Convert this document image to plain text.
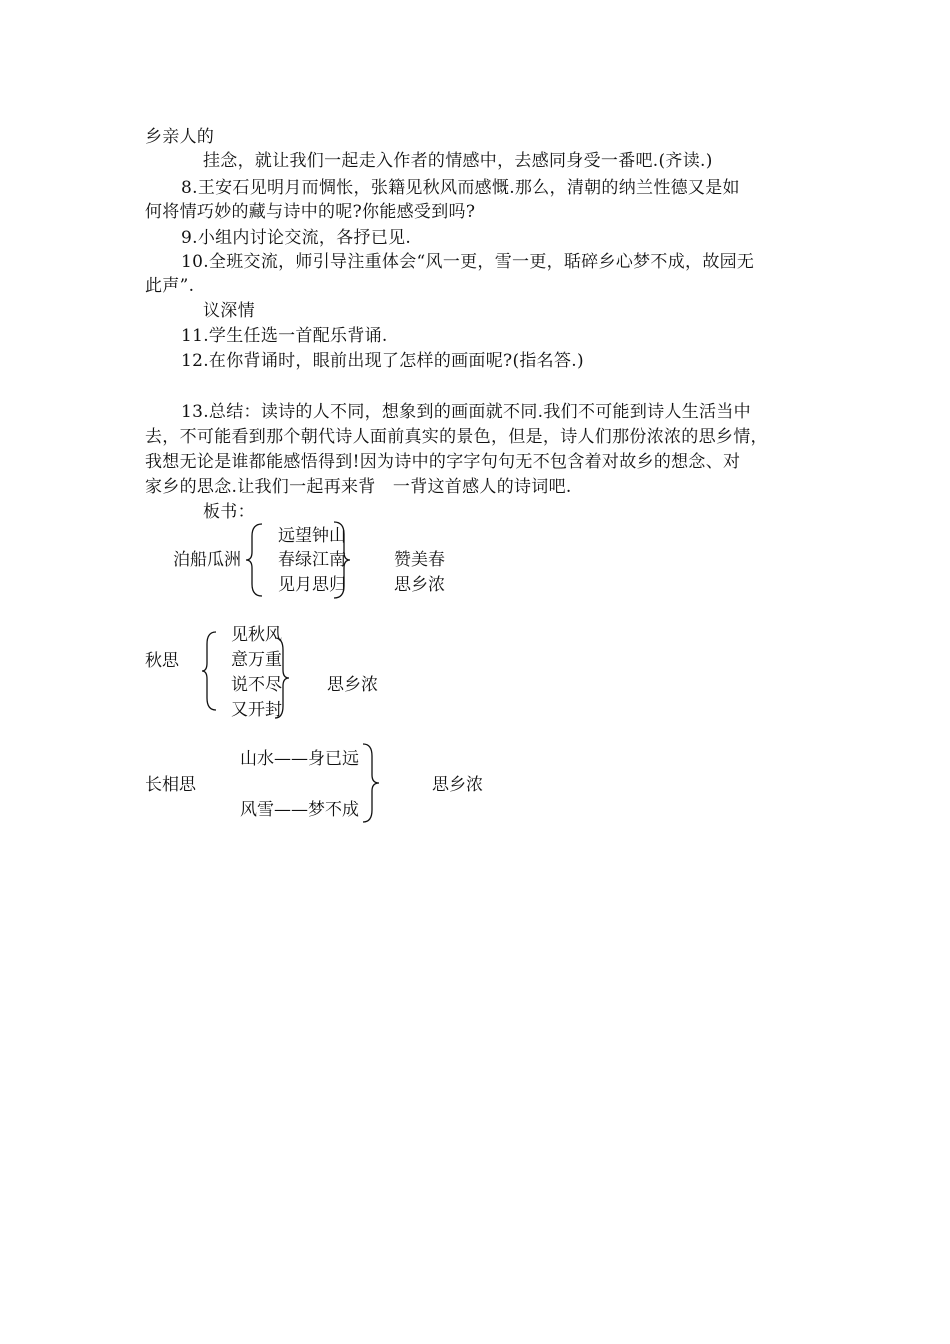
乡亲人的
挂念，就让我们一起走入作者的情感中，去感同身受一番吧.(齐读.)
8.王安石见明月而惆怅，张籍见秋风而感慨.那么，清朝的纳兰性德又是如
何将情巧妙的藏与诗中的呢?你能感受到吗?
9.小组内讨论交流，各抒已见.
10.全班交流，师引导注重体会“风一更，雪一更，聒碎乡心梦不成，故园无
此声”.
议深情
11.学生任选一首配乐背诵.
12.在你背诵时，眼前出现了怎样的画面呢?(指名答.)
13.总结：读诗的人不同，想象到的画面就不同.我们不可能到诗人生活当中
去，不可能看到那个朝代诗人面前真实的景色，但是，诗人们那份浓浓的思乡情，
我想无论是谁都能感悟得到!因为诗中的字字句句无不包含着对故乡的想念、对
家乡的思念.让我们一起再来背　一背这首感人的诗词吧.
板书：
泊船瓜洲
远望钟山
春绿江南
见月思归
赞美春
思乡浓
秋思
见秋风
意万重
说不尽
又开封
思乡浓
长相思
山水——身已远
风雪——梦不成
思乡浓
